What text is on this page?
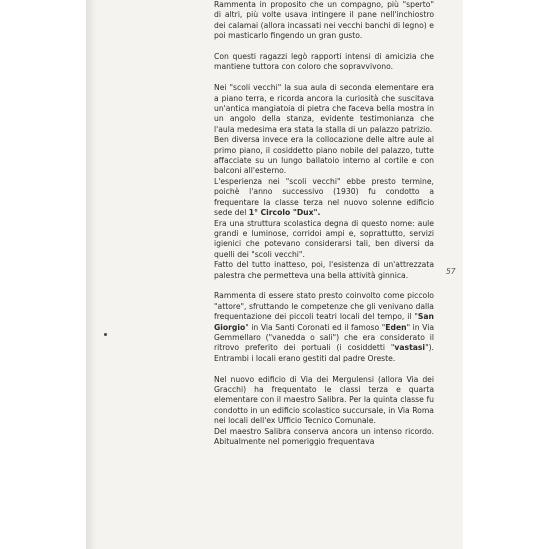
Rammenta in proposito che un compagno, più "sperto" di altri, più volte usava intingere il pane nell'inchiostro dei calamai (allora incassati nei vecchi banchi di legno) e poi masticarlo fingendo un gran gusto.

Con questi ragazzi legò rapporti intensi di amicizia che mantiene tuttora con coloro che sopravvivono.

Nei "scoli vecchi" la sua aula di seconda elementare era a piano terra, e ricorda ancora la curiosità che suscitava un'antica mangiatoia di pietra che faceva bella mostra in un angolo della stanza, evidente testimonianza che l'aula medesima era stata la stalla di un palazzo patrizio.

Ben diversa invece era la collocazione delle altre aule al primo piano, il cosiddetto piano nobile del palazzo, tutte affacciate su un lungo ballatoio interno al cortile e con balconi all'esterno.

L'esperienza nei "scoli vecchi" ebbe presto termine, poichè l'anno successivo (1930) fu condotto a frequentare la classe terza nel nuovo solenne edificio sede del 1° Circolo "Dux".

Era una struttura scolastica degna di questo nome: aule grandi e luminose, corridoi ampi e, soprattutto, servizi igienici che potevano considerarsi tali, ben diversi da quelli dei "scoli vecchi".

Fatto del tutto inatteso, poi, l'esistenza di un'attrezzata palestra che permetteva una bella attività ginnica.

Rammenta di essere stato presto coinvolto come piccolo "attore", sfruttando le competenze che gli venivano dalla frequentazione dei piccoli teatri locali del tempo, il "San Giorgio" in Via Santi Coronati ed il famoso "Eden" in Via Gemmellaro ("vanedda o sali") che era considerato il ritrovo preferito dei portuali (i cosiddetti "vastasi"). Entrambi i locali erano gestiti dal padre Oreste.

Nel nuovo edificio di Via dei Mergulensi (allora Via dei Gracchi) ha frequentato le classi terza e quarta elementare con il maestro Salibra. Per la quinta classe fu condotto in un edificio scolastico succursale, in Via Roma nei locali dell'ex Ufficio Tecnico Comunale.

Del maestro Salibra conserva ancora un intenso ricordo. Abitualmente nel pomeriggio frequentava

57
